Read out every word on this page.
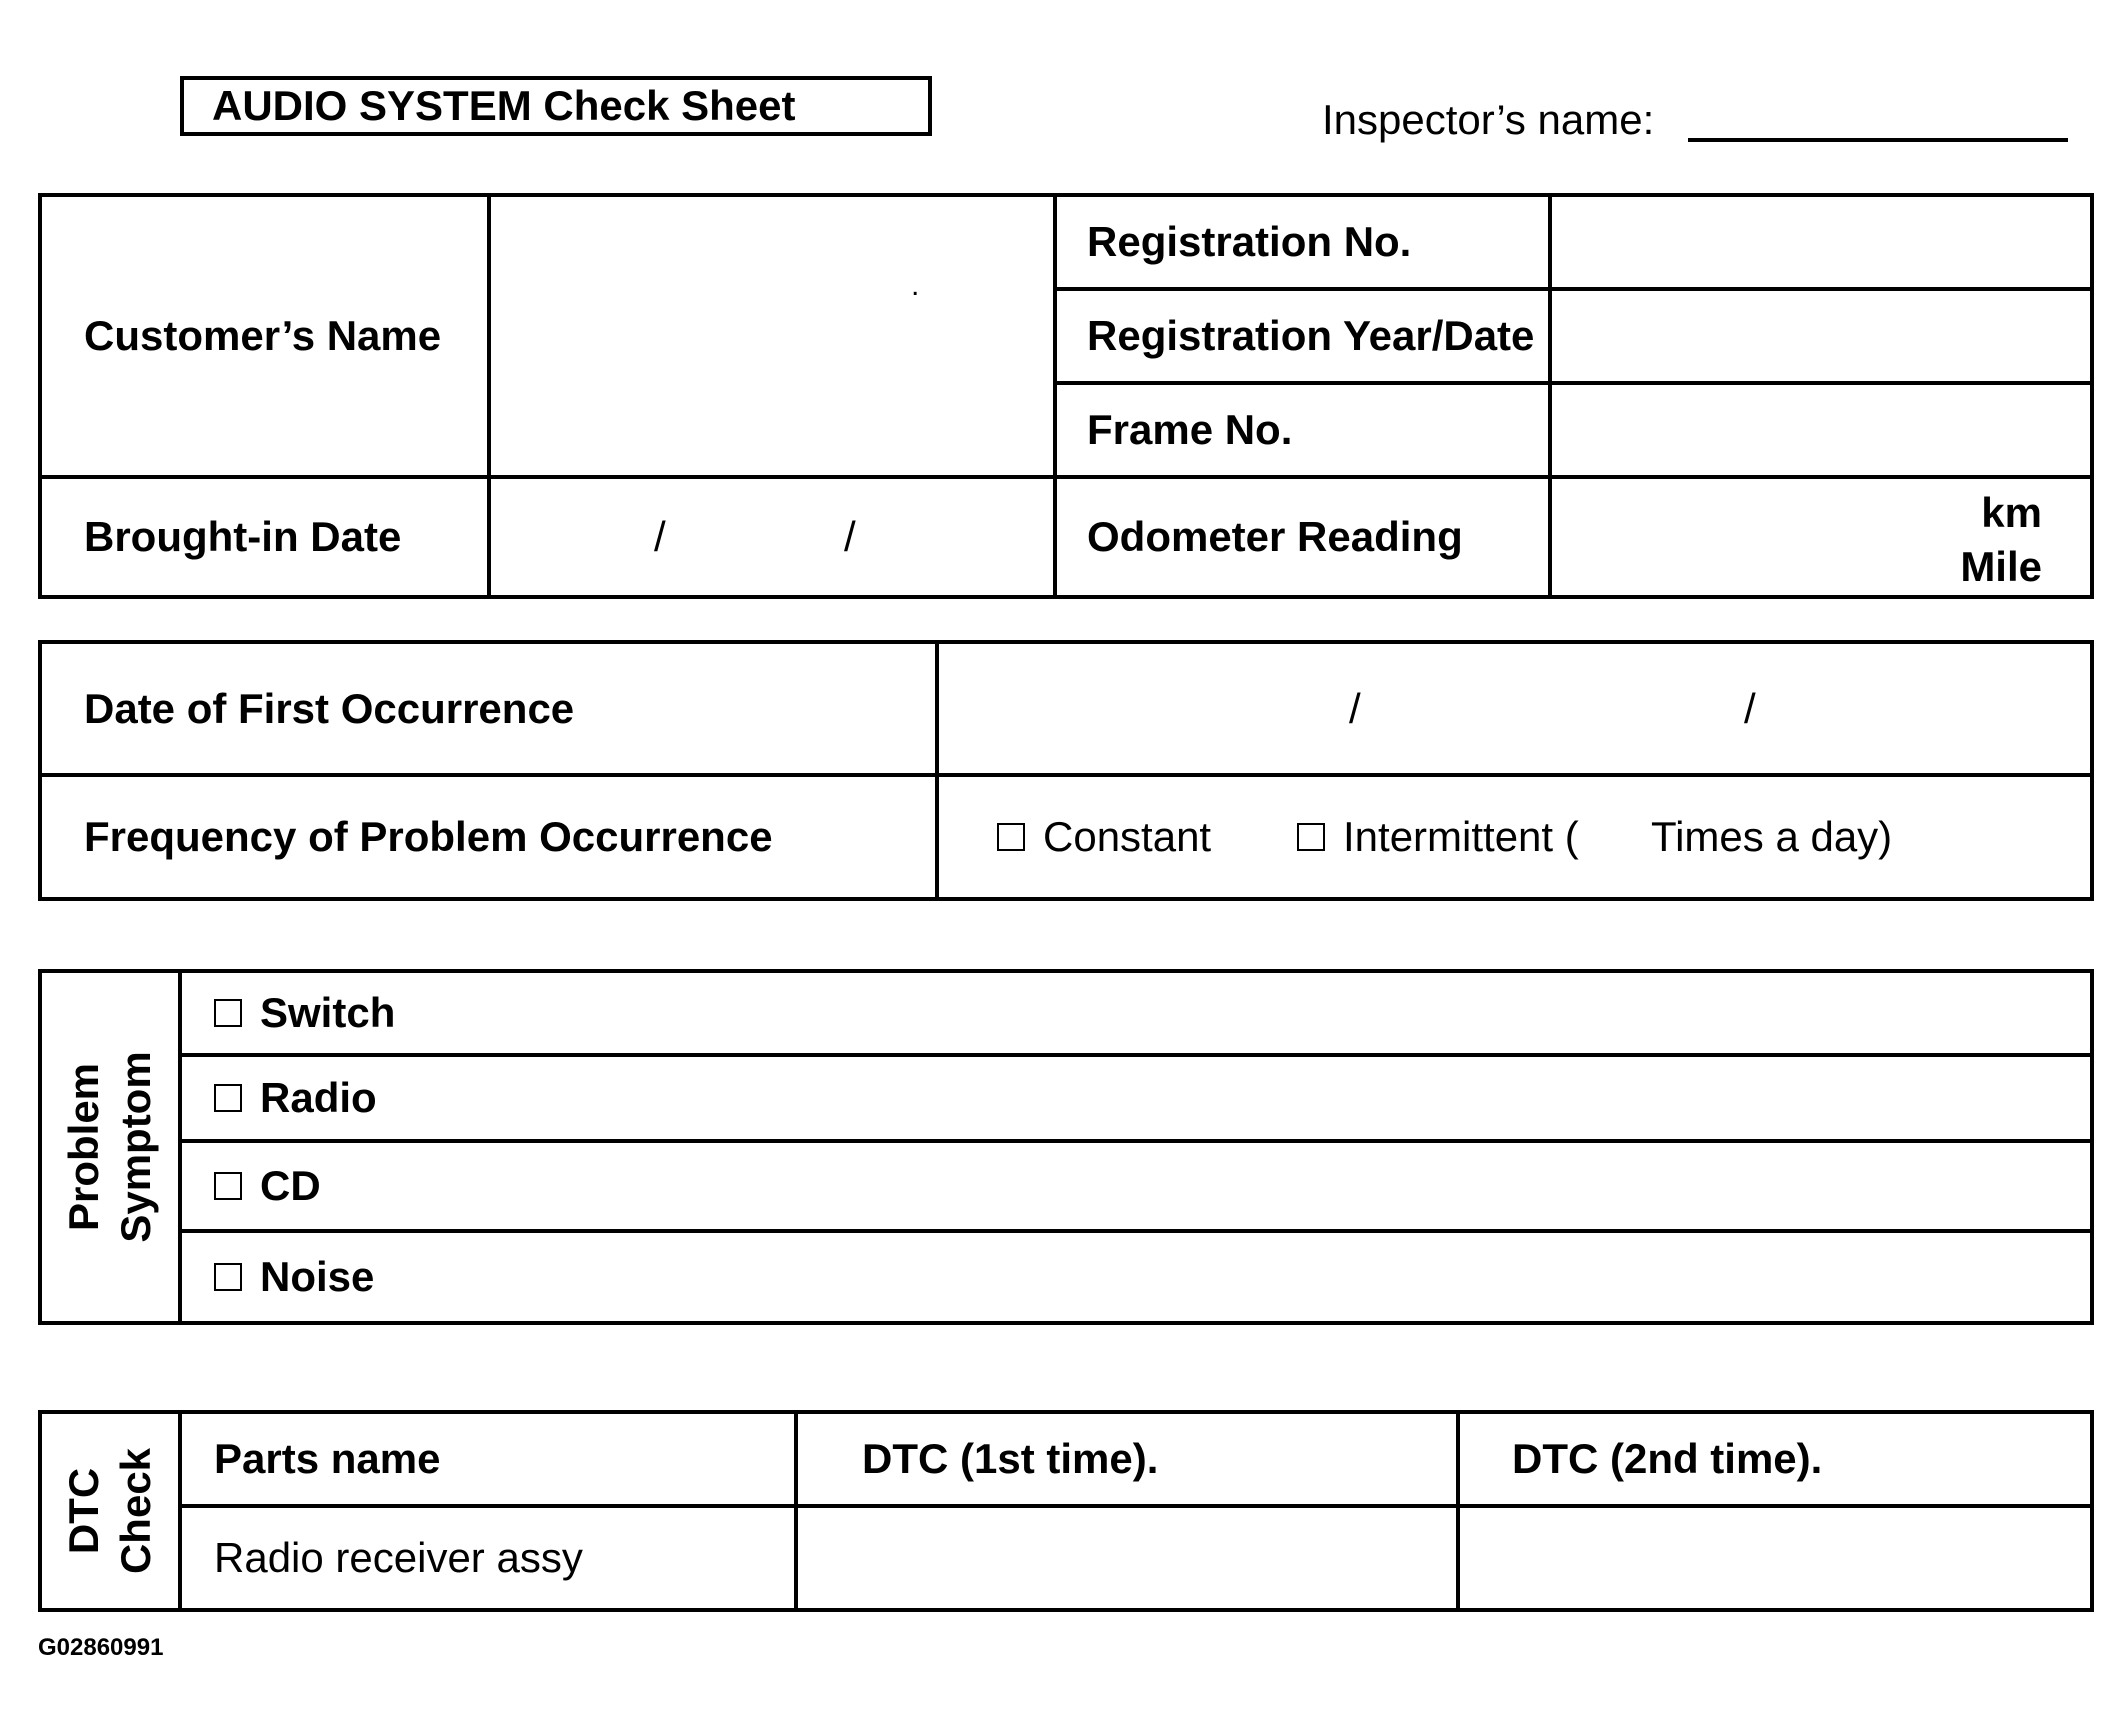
AUDIO SYSTEM Check Sheet	Inspector’s name:
Customer’s Name	.	Registration No.	
		Registration Year/Date	
		Frame No.	
Brought-in Date	/ /	Odometer Reading	km
Mile
Date of First Occurrence	/ /

Frequency of Problem Occurrence	Constant Intermittent ( Times a day)
Problem Symptom
	Switch
Radio
CD
Noise
DTC Check	Parts name	DTC (1st time).	DTC (2nd time).
	Radio receiver assy		
G02860991
